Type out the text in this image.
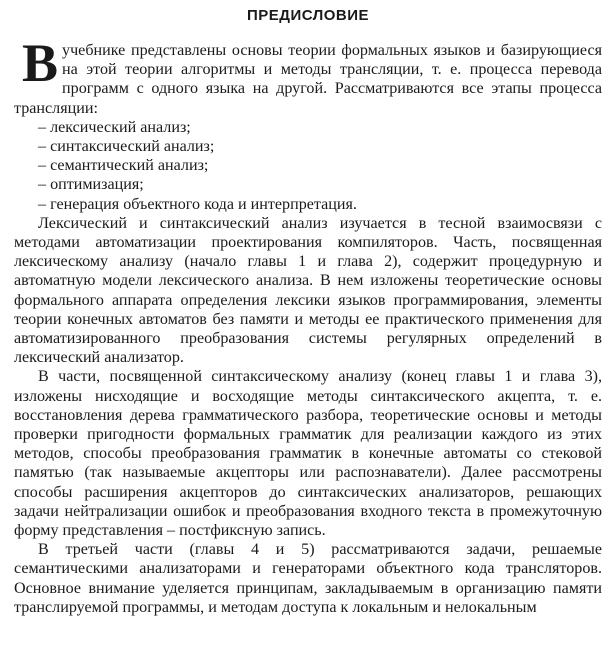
ПРЕДИСЛОВИЕ

Вучебнике представлены основы теории формальных языков и базирующиеся на этой теории алгоритмы и методы трансляции, т. е. процесса перевода программ с одного языка на другой. Рассматриваются все этапы процесса трансляции:

– лексический анализ;
– синтаксический анализ;
– семантический анализ;
– оптимизация;
– генерация объектного кода и интерпретация.

Лексический и синтаксический анализ изучается в тесной взаимосвязи с методами автоматизации проектирования компиляторов. Часть, посвященная лексическому анализу (начало главы 1 и глава 2), содержит процедурную и автоматную модели лексического анализа. В нем изложены теоретические основы формального аппарата определения лексики языков программирования, элементы теории конечных автоматов без памяти и методы ее практического применения для автоматизированного преобразования системы регулярных определений в лексический анализатор.

В части, посвященной синтаксическому анализу (конец главы 1 и глава 3), изложены нисходящие и восходящие методы синтаксического акцепта, т. е. восстановления дерева грамматического разбора, теоретические основы и методы проверки пригодности формальных грамматик для реализации каждого из этих методов, способы преобразования грамматик в конечные автоматы со стековой памятью (так называемые акцепторы или распознаватели). Далее рассмотрены способы расширения акцепторов до синтаксических анализаторов, решающих задачи нейтрализации ошибок и преобразования входного текста в промежуточную форму представления – постфиксную запись.

В третьей части (главы 4 и 5) рассматриваются задачи, решаемые семантическими анализаторами и генераторами объектного кода трансляторов. Основное внимание уделяется принципам, закладываемым в организацию памяти транслируемой программы, и методам доступа к локальным и нелокальным
